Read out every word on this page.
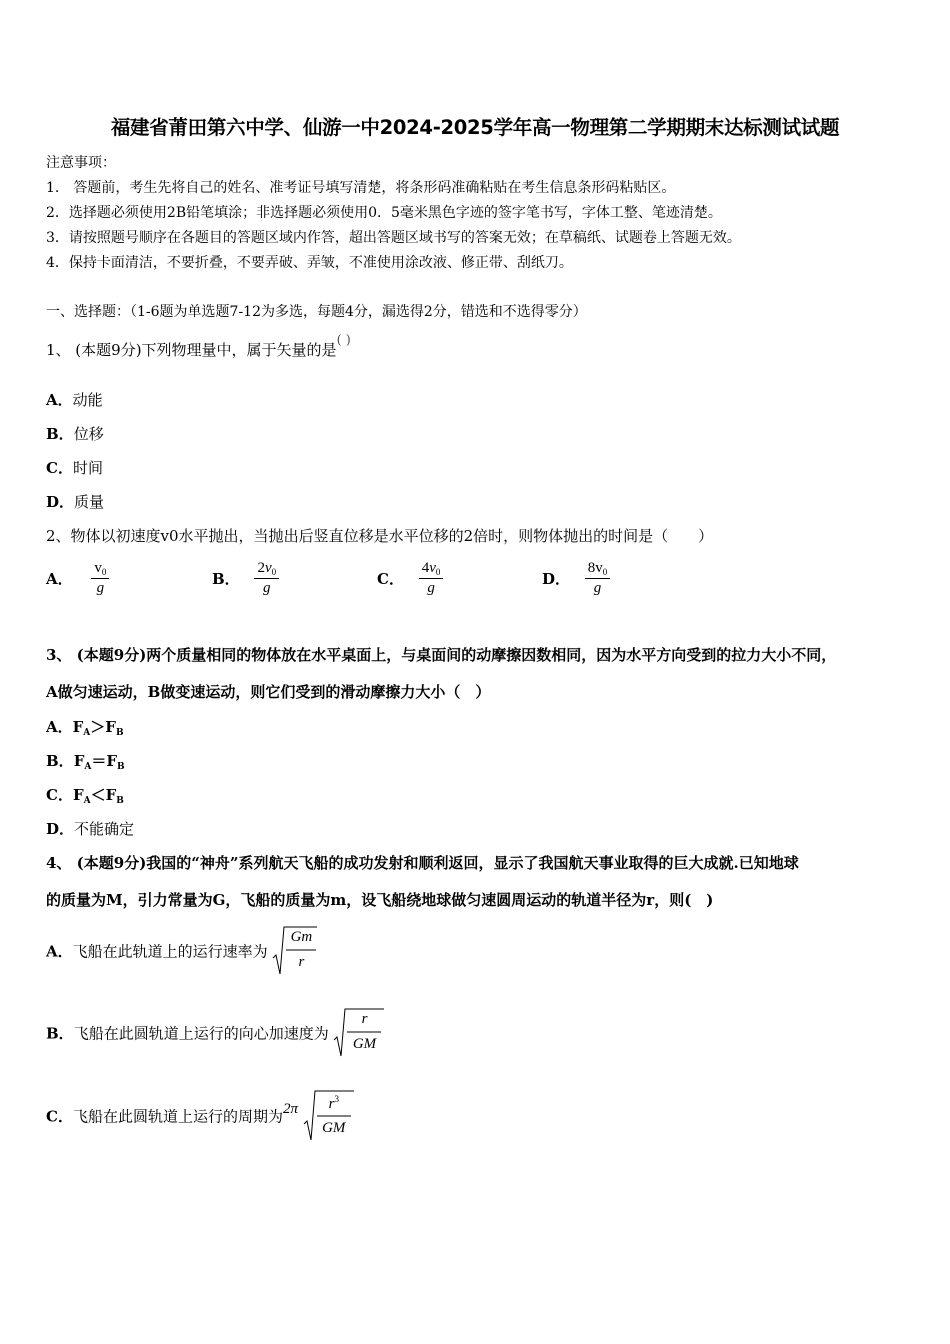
福建省莆田第六中学、仙游一中2024-2025学年高一物理第二学期期末达标测试试题
注意事项：
1.　答题前，考生先将自己的姓名、准考证号填写清楚，将条形码准确粘贴在考生信息条形码粘贴区。
2．选择题必须使用2B铅笔填涂；非选择题必须使用0．5毫米黑色字迹的签字笔书写，字体工整、笔迹清楚。
3．请按照题号顺序在各题目的答题区域内作答，超出答题区域书写的答案无效；在草稿纸、试题卷上答题无效。
4．保持卡面清洁，不要折叠，不要弄破、弄皱，不准使用涂改液、修正带、刮纸刀。
一、选择题：（1-6题为单选题7-12为多选，每题4分，漏选得2分，错选和不选得零分）
1、 (本题9分)下列物理量中，属于矢量的是( )
A．动能
B．位移
C．时间
D．质量
2、物体以初速度v0水平抛出，当抛出后竖直位移是水平位移的2倍时，则物体抛出的时间是（　　）
A． $\frac{v_0}{g}$	B． $\frac{2v_0}{g}$	C． $\frac{4v_0}{g}$	D． $\frac{8v_0}{g}$
3、 (本题9分)两个质量相同的物体放在水平桌面上，与桌面间的动摩擦因数相同，因为水平方向受到的拉力大小不同，
A做匀速运动，B做变速运动，则它们受到的滑动摩擦力大小（　）
A．$F_A>F_B$
B．$F_A=F_B$
C．$F_A<F_B$
D．不能确定
4、 (本题9分)我国的“神舟”系列航天飞船的成功发射和顺利返回，显示了我国航天事业取得的巨大成就.已知地球
的质量为M，引力常量为G，飞船的质量为m，设飞船绕地球做匀速圆周运动的轨道半径为r，则(　)
A．飞船在此轨道上的运行速率为
Gm
r
B．飞船在此圆轨道上运行的向心加速度为
r
GM
C．飞船在此圆轨道上运行的周期为2π	$r^3$
GM
